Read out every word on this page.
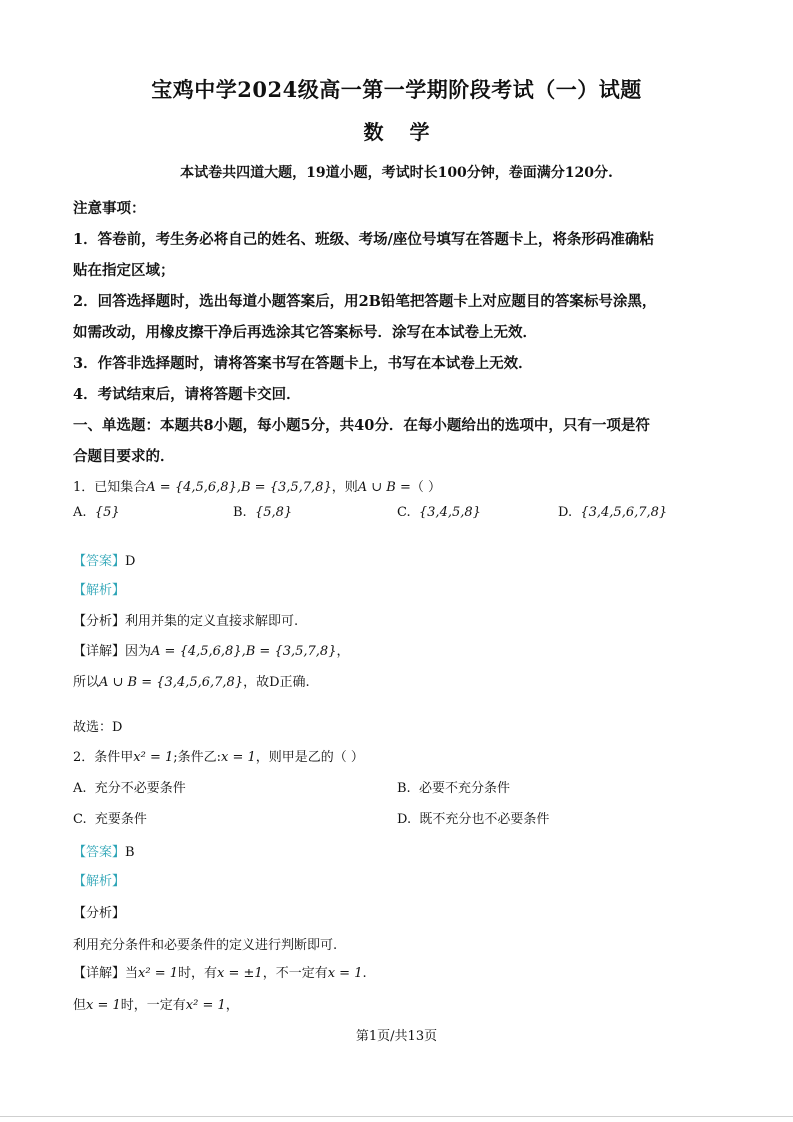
宝鸡中学2024级高一第一学期阶段考试（一）试题
数 学
本试卷共四道大题，19道小题，考试时长100分钟，卷面满分120分.
注意事项：
1．答卷前，考生务必将自己的姓名、班级、考场/座位号填写在答题卡上，将条形码准确粘
贴在指定区域；
2．回答选择题时，选出每道小题答案后，用2B铅笔把答题卡上对应题目的答案标号涂黑，
如需改动，用橡皮擦干净后再选涂其它答案标号．涂写在本试卷上无效．
3．作答非选择题时，请将答案书写在答题卡上，书写在本试卷上无效．
4．考试结束后，请将答题卡交回．
一、单选题：本题共8小题，每小题5分，共40分．在每小题给出的选项中，只有一项是符
合题目要求的．
1．已知集合A = {4,5,6,8},B = {3,5,7,8}，则A ∪ B =（ ）
A. {5}	B. {5,8}	C. {3,4,5,8}	D. {3,4,5,6,7,8}
【答案】D
【解析】
【分析】利用并集的定义直接求解即可.
【详解】因为A = {4,5,6,8},B = {3,5,7,8}，
所以A ∪ B = {3,4,5,6,7,8}，故D正确.
故选：D
2．条件甲x² = 1;条件乙:x = 1，则甲是乙的（ ）
A. 充分不必要条件	B. 必要不充分条件
C. 充要条件	D. 既不充分也不必要条件
【答案】B
【解析】
【分析】
利用充分条件和必要条件的定义进行判断即可.
【详解】当x² = 1时，有x = ±1，不一定有x = 1.
但x = 1时，一定有x² = 1，
第1页/共13页
